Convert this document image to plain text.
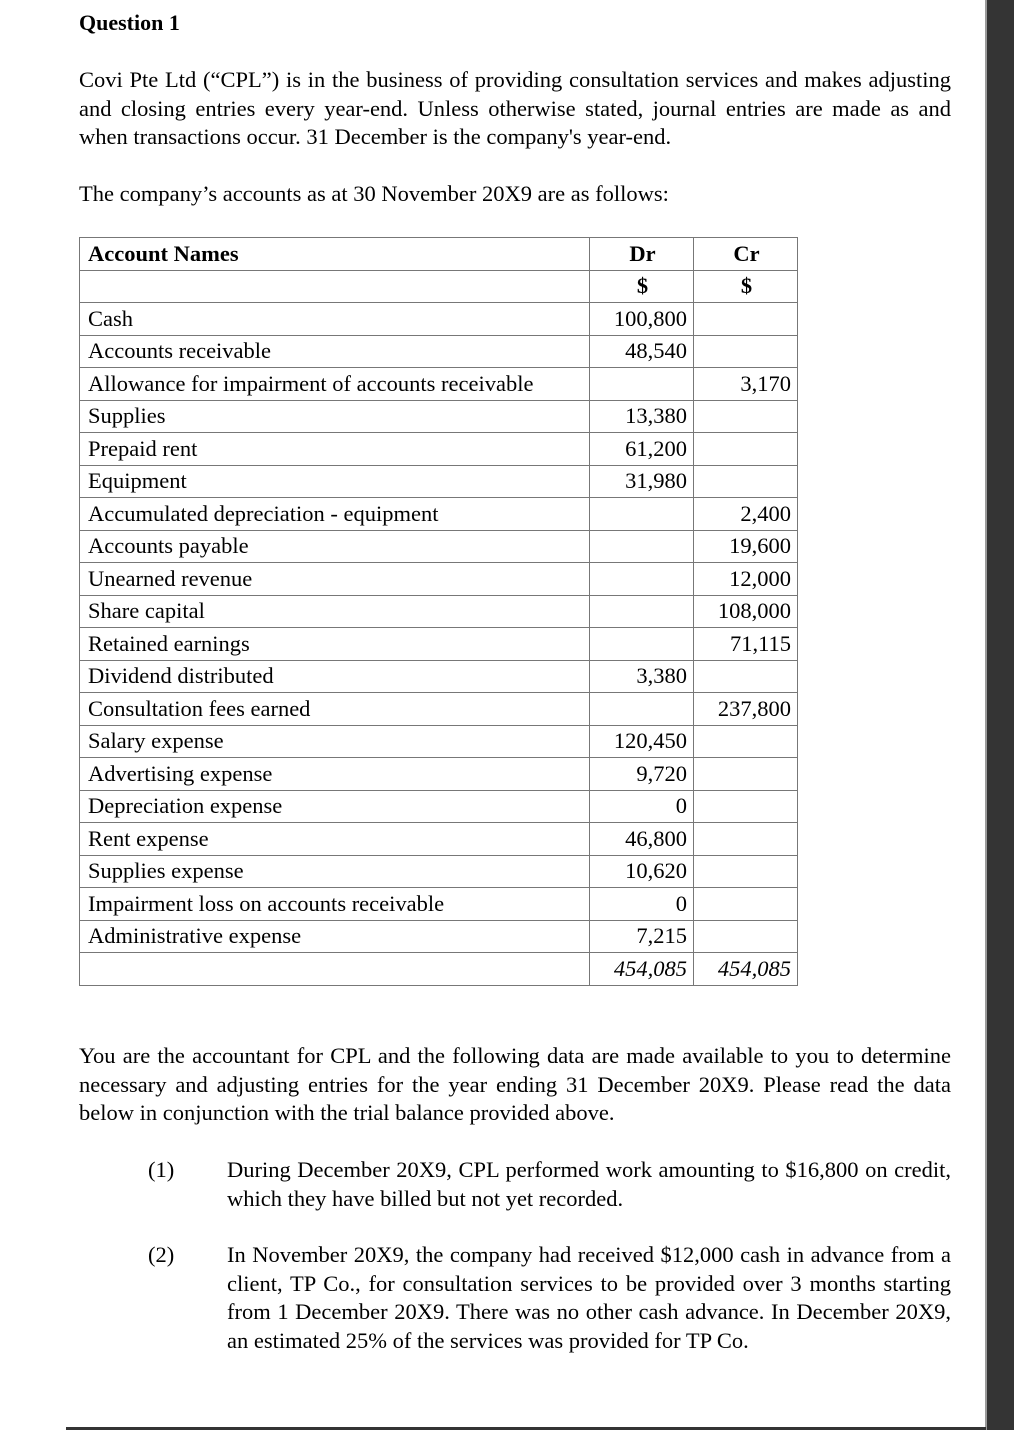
Question 1
Covi Pte Ltd (“CPL”) is in the business of providing consultation services and makes adjusting and closing entries every year-end. Unless otherwise stated, journal entries are made as and when transactions occur. 31 December is the company's year-end.
The company’s accounts as at 30 November 20X9 are as follows:
Account Names	Dr	Cr
	$	$
Cash	100,800	
Accounts receivable	48,540	
Allowance for impairment of accounts receivable		3,170
Supplies	13,380	
Prepaid rent	61,200	
Equipment	31,980	
Accumulated depreciation - equipment		2,400
Accounts payable		19,600
Unearned revenue		12,000
Share capital		108,000
Retained earnings		71,115
Dividend distributed	3,380	
Consultation fees earned		237,800
Salary expense	120,450	
Advertising expense	9,720	
Depreciation expense	0	
Rent expense	46,800	
Supplies expense	10,620	
Impairment loss on accounts receivable	0	
Administrative expense	7,215	
	454,085	454,085
You are the accountant for CPL and the following data are made available to you to determine necessary and adjusting entries for the year ending 31 December 20X9. Please read the data below in conjunction with the trial balance provided above.
(1) During December 20X9, CPL performed work amounting to $16,800 on credit, which they have billed but not yet recorded.
(2) In November 20X9, the company had received $12,000 cash in advance from a client, TP Co., for consultation services to be provided over 3 months starting from 1 December 20X9. There was no other cash advance. In December 20X9, an estimated 25% of the services was provided for TP Co.
